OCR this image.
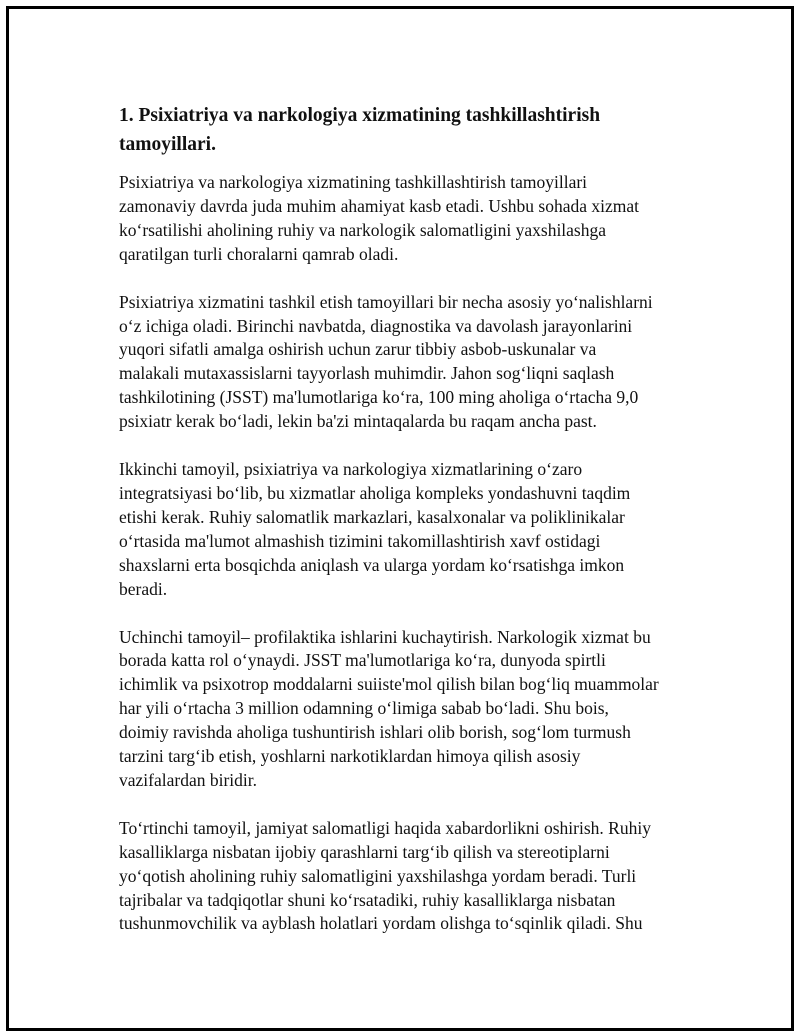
1. Psixiatriya va narkologiya xizmatining tashkillashtirish
tamoyillari.

Psixiatriya va narkologiya xizmatining tashkillashtirish tamoyillari
zamonaviy davrda juda muhim ahamiyat kasb etadi. Ushbu sohada xizmat
ko‘rsatilishi aholining ruhiy va narkologik salomatligini yaxshilashga
qaratilgan turli choralarni qamrab oladi.

Psixiatriya xizmatini tashkil etish tamoyillari bir necha asosiy yo‘nalishlarni
o‘z ichiga oladi. Birinchi navbatda, diagnostika va davolash jarayonlarini
yuqori sifatli amalga oshirish uchun zarur tibbiy asbob-uskunalar va
malakali mutaxassislarni tayyorlash muhimdir. Jahon sog‘liqni saqlash
tashkilotining (JSST) ma'lumotlariga ko‘ra, 100 ming aholiga o‘rtacha 9,0
psixiatr kerak bo‘ladi, lekin ba'zi mintaqalarda bu raqam ancha past.

Ikkinchi tamoyil, psixiatriya va narkologiya xizmatlarining o‘zaro
integratsiyasi bo‘lib, bu xizmatlar aholiga kompleks yondashuvni taqdim
etishi kerak. Ruhiy salomatlik markazlari, kasalxonalar va poliklinikalar
o‘rtasida ma'lumot almashish tizimini takomillashtirish xavf ostidagi
shaxslarni erta bosqichda aniqlash va ularga yordam ko‘rsatishga imkon
beradi.

Uchinchi tamoyil– profilaktika ishlarini kuchaytirish. Narkologik xizmat bu
borada katta rol o‘ynaydi. JSST ma'lumotlariga ko‘ra, dunyoda spirtli
ichimlik va psixotrop moddalarni suiiste'mol qilish bilan bog‘liq muammolar
har yili o‘rtacha 3 million odamning o‘limiga sabab bo‘ladi. Shu bois,
doimiy ravishda aholiga tushuntirish ishlari olib borish, sog‘lom turmush
tarzini targ‘ib etish, yoshlarni narkotiklardan himoya qilish asosiy
vazifalardan biridir.

To‘rtinchi tamoyil, jamiyat salomatligi haqida xabardorlikni oshirish. Ruhiy
kasalliklarga nisbatan ijobiy qarashlarni targ‘ib qilish va stereotiplarni
yo‘qotish aholining ruhiy salomatligini yaxshilashga yordam beradi. Turli
tajribalar va tadqiqotlar shuni ko‘rsatadiki, ruhiy kasalliklarga nisbatan
tushunmovchilik va ayblash holatlari yordam olishga to‘sqinlik qiladi. Shu
